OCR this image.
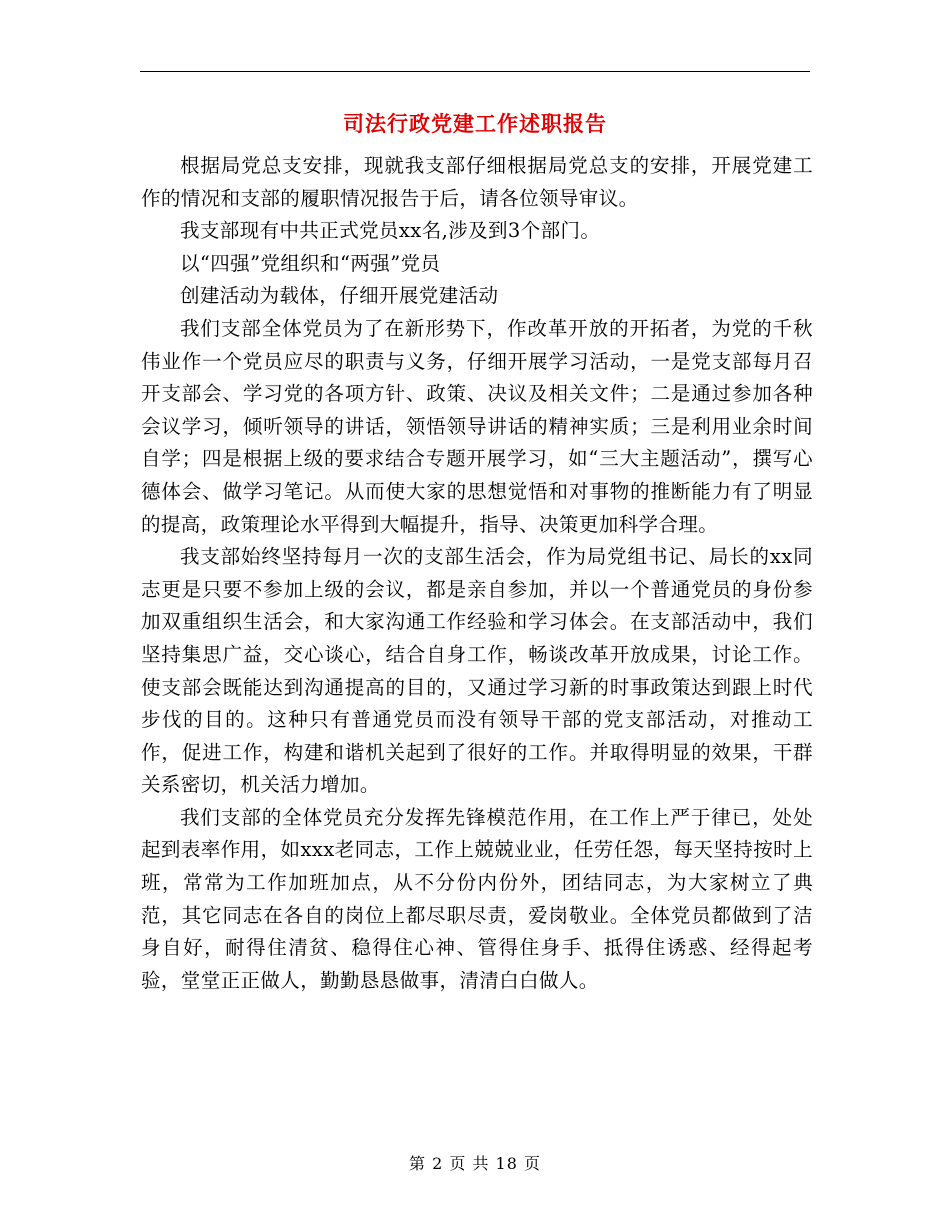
司法行政党建工作述职报告

根据局党总支安排，现就我支部仔细根据局党总支的安排，开展党建工作的情况和支部的履职情况报告于后，请各位领导审议。

我支部现有中共正式党员xx名,涉及到3个部门。

以“四强”党组织和“两强”党员

创建活动为载体，仔细开展党建活动

我们支部全体党员为了在新形势下，作改革开放的开拓者，为党的千秋伟业作一个党员应尽的职责与义务，仔细开展学习活动，一是党支部每月召开支部会、学习党的各项方针、政策、决议及相关文件；二是通过参加各种会议学习，倾听领导的讲话，领悟领导讲话的精神实质；三是利用业余时间自学；四是根据上级的要求结合专题开展学习，如“三大主题活动”，撰写心德体会、做学习笔记。从而使大家的思想觉悟和对事物的推断能力有了明显的提高，政策理论水平得到大幅提升，指导、决策更加科学合理。

我支部始终坚持每月一次的支部生活会，作为局党组书记、局长的xx同志更是只要不参加上级的会议，都是亲自参加，并以一个普通党员的身份参加双重组织生活会，和大家沟通工作经验和学习体会。在支部活动中，我们坚持集思广益，交心谈心，结合自身工作，畅谈改革开放成果，讨论工作。使支部会既能达到沟通提高的目的，又通过学习新的时事政策达到跟上时代步伐的目的。这种只有普通党员而没有领导干部的党支部活动，对推动工作，促进工作，构建和谐机关起到了很好的工作。并取得明显的效果，干群关系密切，机关活力增加。

我们支部的全体党员充分发挥先锋模范作用，在工作上严于律已，处处起到表率作用，如xxx老同志，工作上兢兢业业，任劳任怨，每天坚持按时上班，常常为工作加班加点，从不分份内份外，团结同志，为大家树立了典范，其它同志在各自的岗位上都尽职尽责，爱岗敬业。全体党员都做到了洁身自好，耐得住清贫、稳得住心神、管得住身手、抵得住诱惑、经得起考验，堂堂正正做人，勤勤恳恳做事，清清白白做人。

第 2 页 共 18 页
